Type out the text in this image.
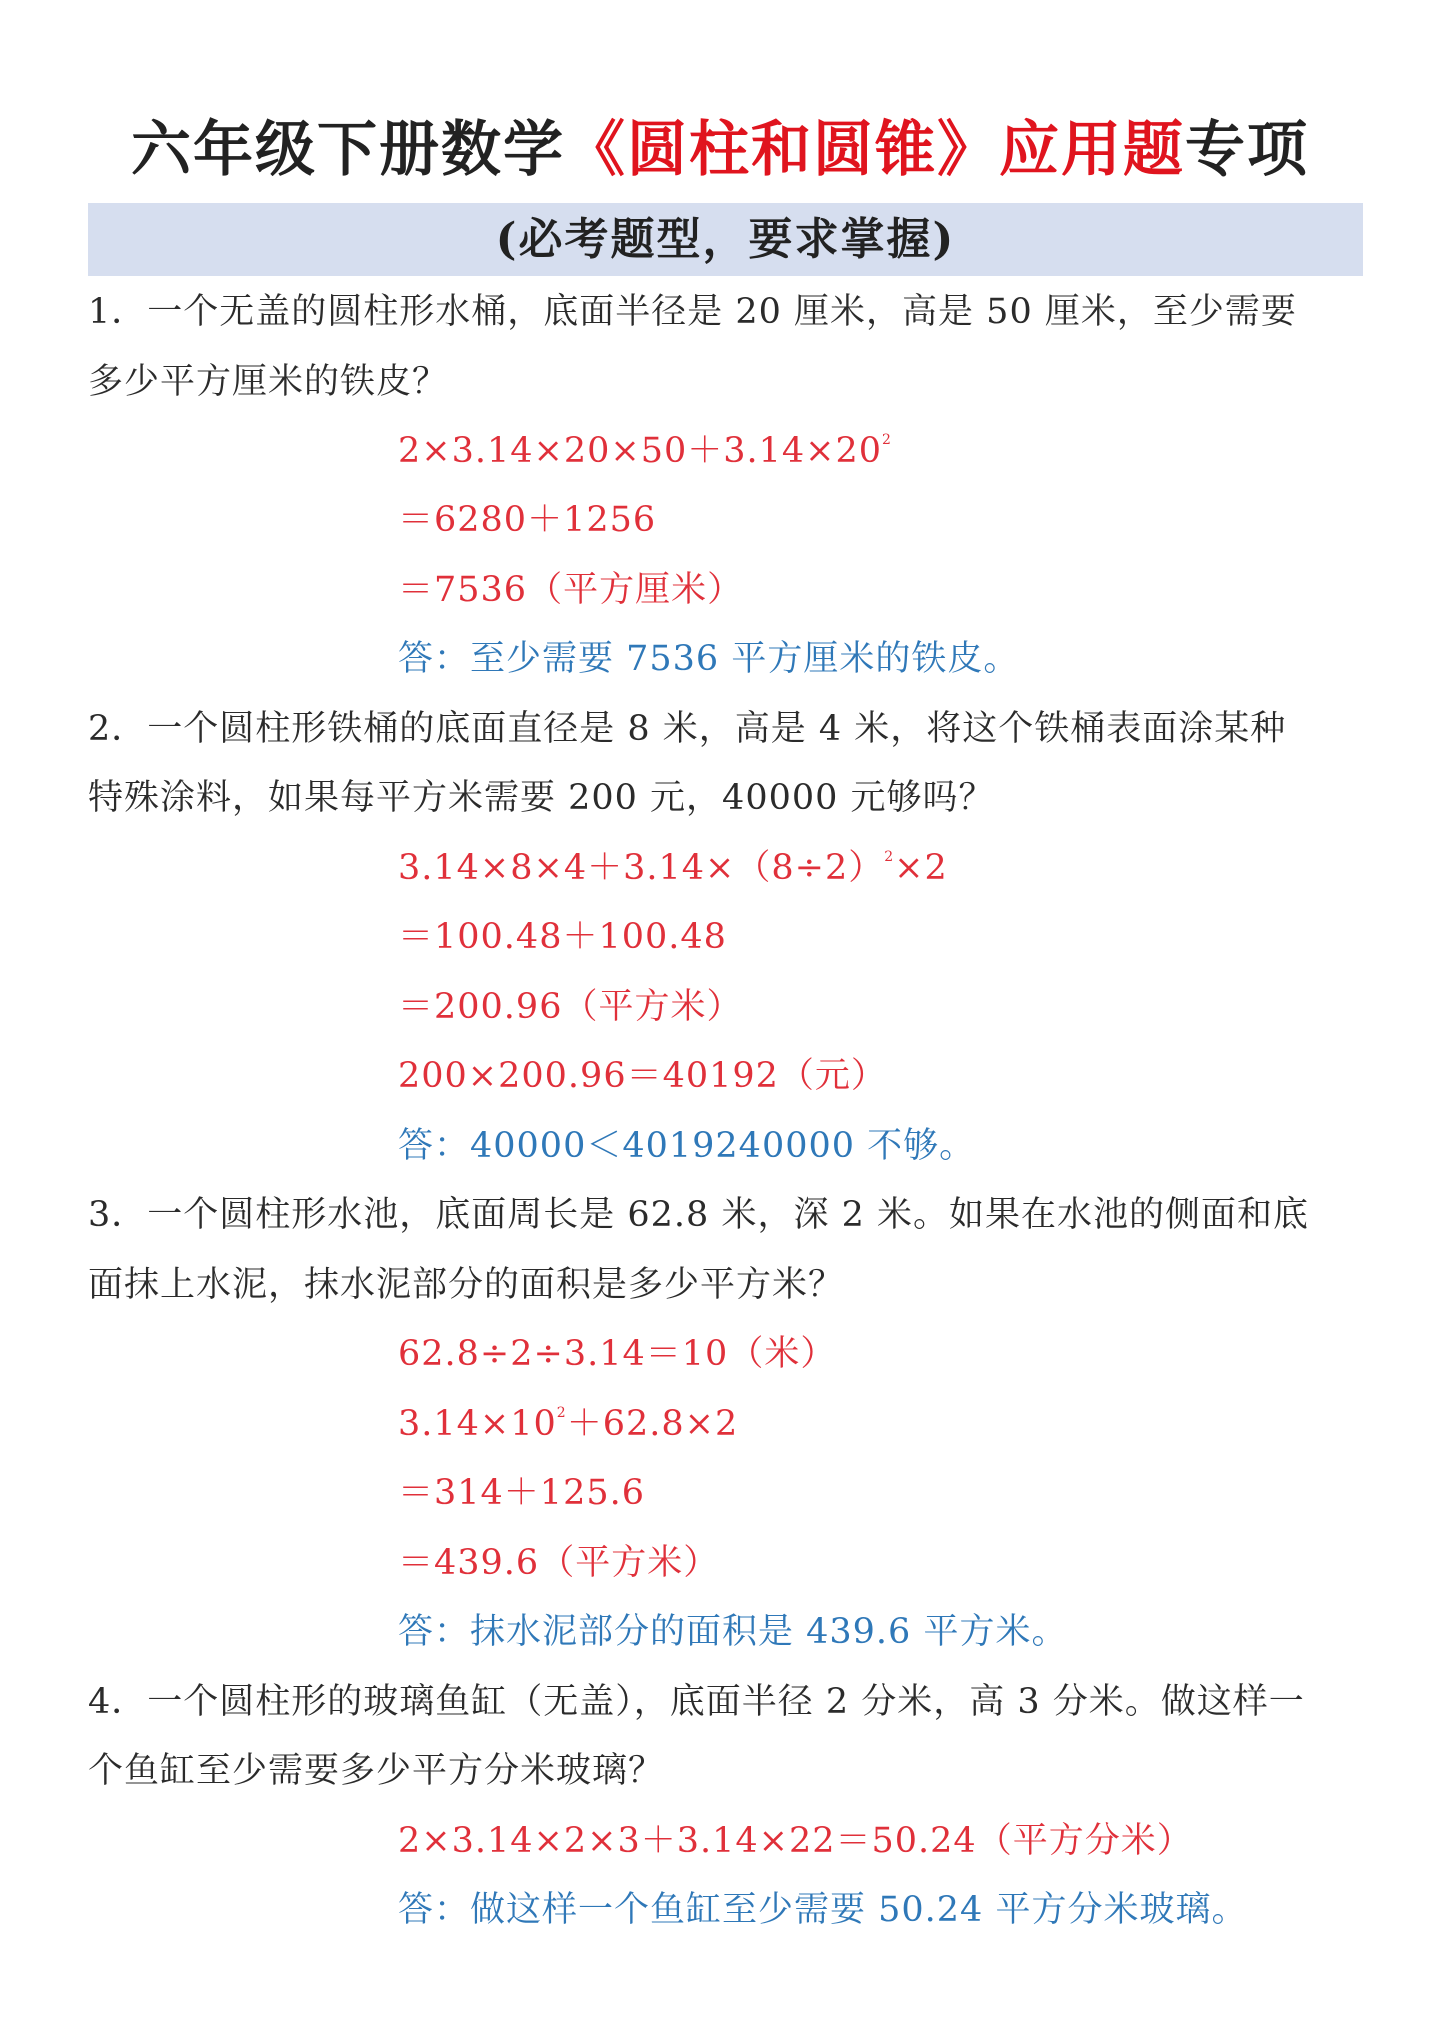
六年级下册数学《圆柱和圆锥》应用题专项
(必考题型，要求掌握)
1．一个无盖的圆柱形水桶，底面半径是 20 厘米，高是 50 厘米，至少需要
多少平方厘米的铁皮？
$2\times 3.14\times 20\times 50+3.14\times 20^2$
＝6280＋1256
＝7536（平方厘米）
答：至少需要 7536 平方厘米的铁皮。
2．一个圆柱形铁桶的底面直径是 8 米，高是 4 米，将这个铁桶表面涂某种
特殊涂料，如果每平方米需要 200 元，40000 元够吗？
$3.14\times 8\times 4+3.14\times(8\div 2)^2\times 2$
＝100.48＋100.48
＝200.96（平方米）
200×200.96＝40192（元）
答：40000＜4019240000 不够。
3．一个圆柱形水池，底面周长是 62.8 米，深 2 米。如果在水池的侧面和底
面抹上水泥，抹水泥部分的面积是多少平方米？
62.8÷2÷3.14＝10（米）
$3.14\times 10^2+62.8\times 2$
＝314＋125.6
＝439.6（平方米）
答：抹水泥部分的面积是 439.6 平方米。
4．一个圆柱形的玻璃鱼缸（无盖），底面半径 2 分米，高 3 分米。做这样一
个鱼缸至少需要多少平方分米玻璃？
2×3.14×2×3＋3.14×22＝50.24（平方分米）
答：做这样一个鱼缸至少需要 50.24 平方分米玻璃。
